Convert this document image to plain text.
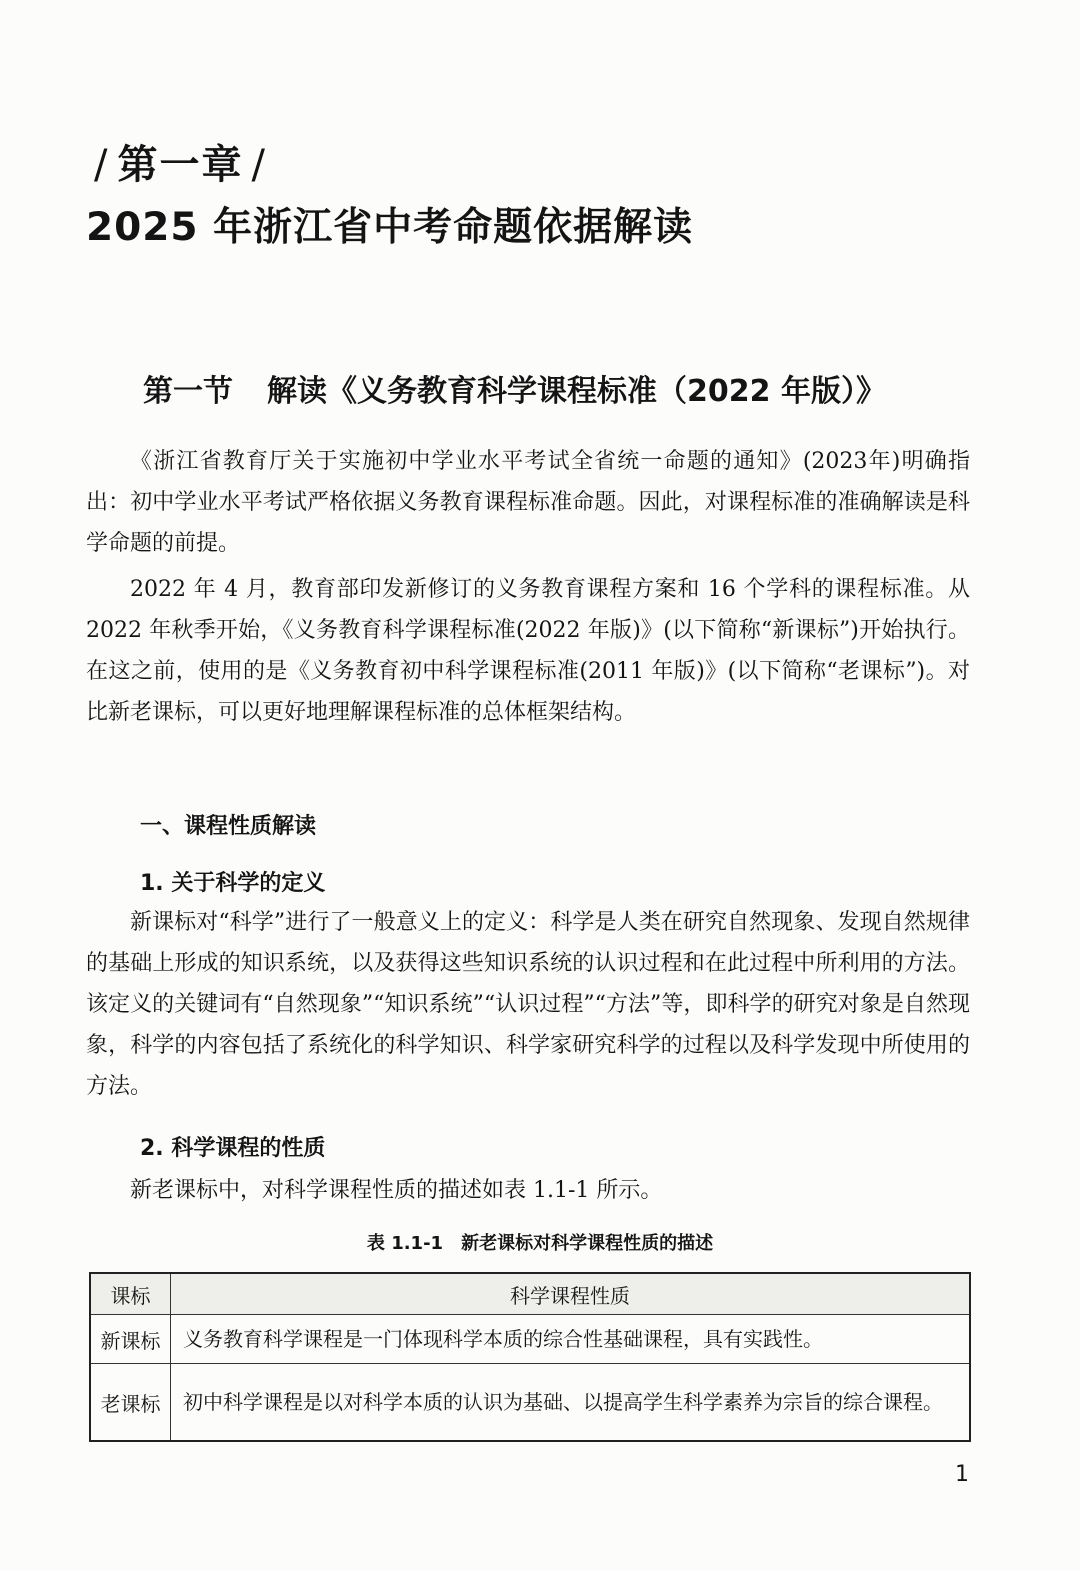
/ 第一章 /
2025 年浙江省中考命题依据解读
第一节 解读《义务教育科学课程标准（2022 年版）》

《浙江省教育厅关于实施初中学业水平考试全省统一命题的通知》(2023年)明确指出：初中学业水平考试严格依据义务教育课程标准命题。因此，对课程标准的准确解读是科学命题的前提。

2022 年 4 月，教育部印发新修订的义务教育课程方案和 16 个学科的课程标准。从 2022 年秋季开始，《义务教育科学课程标准(2022 年版)》(以下简称“新课标”)开始执行。在这之前，使用的是《义务教育初中科学课程标准(2011 年版)》(以下简称“老课标”)。对比新老课标，可以更好地理解课程标准的总体框架结构。

一、课程性质解读
1. 关于科学的定义

新课标对“科学”进行了一般意义上的定义：科学是人类在研究自然现象、发现自然规律的基础上形成的知识系统，以及获得这些知识系统的认识过程和在此过程中所利用的方法。该定义的关键词有“自然现象”“知识系统”“认识过程”“方法”等，即科学的研究对象是自然现象，科学的内容包括了系统化的科学知识、科学家研究科学的过程以及科学发现中所使用的方法。

2. 科学课程的性质

新老课标中，对科学课程性质的描述如表 1.1-1 所示。

表 1.1-1　新老课标对科学课程性质的描述
课标	科学课程性质
新课标	义务教育科学课程是一门体现科学本质的综合性基础课程，具有实践性。
老课标	初中科学课程是以对科学本质的认识为基础、以提高学生科学素养为宗旨的综合课程。
1
